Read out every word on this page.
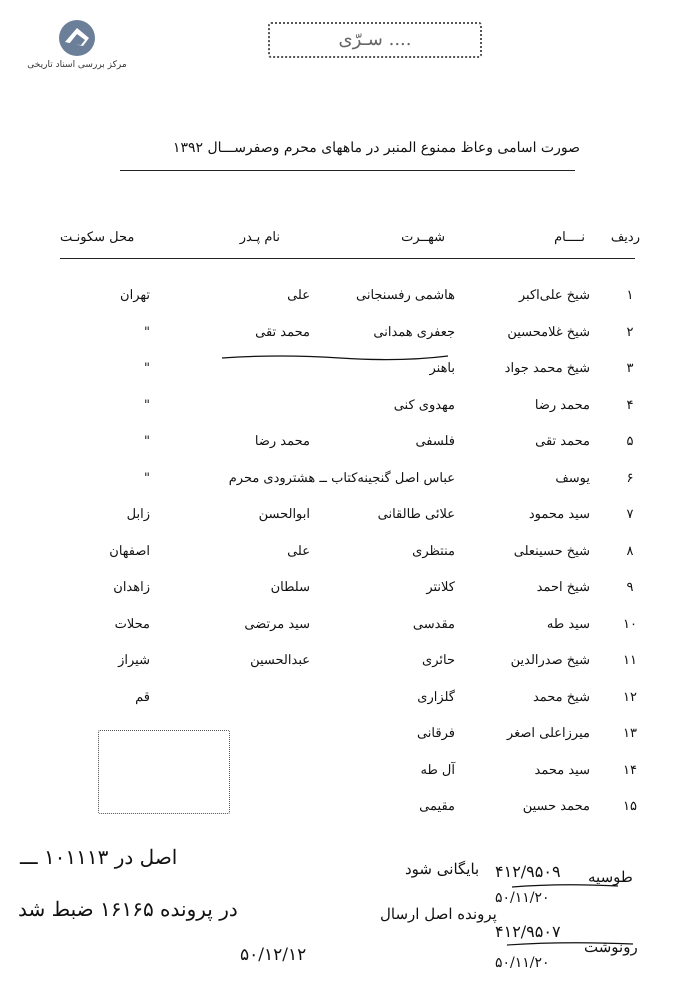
مرکز بررسی اسناد تاریخی
سـرّی ....
صورت اسامی وعاظ ممنوع المنبر در ماههای محرم وصفرســـال ۱۳۹۲
ردیف
نــــام
شهــرت
نام پـدر
محل سکونـت
۱
شیخ علی‌اکبر
هاشمی رفسنجانی
علی
تهران
۲
شیخ غلامحسین
جعفری همدانی
محمد تقی
"
۳
شیخ محمد جواد
باهنر
"
۴
محمد رضا
مهدوی کنی
"
۵
محمد تقی
فلسفی
محمد رضا
"
۶
یوسف
عباس اصل گنجینه‌کتاب ــ هشترودی محرم
"
۷
سید محمود
علائی طالقانی
ابوالحسن
زابل
۸
شیخ حسینعلی
منتظری
علی
اصفهان
۹
شیخ احمد
کلانتر
سلطان
زاهدان
۱۰
سید طه
مقدسی
سید مرتضی
محلات
۱۱
شیخ صدرالدین
حائری
عبدالحسین
شیراز
۱۲
شیخ محمد
گلزاری
قم
۱۳
میرزاعلی اصغر
فرقانی
۱۴
سید محمد
آل طه
۱۵
محمد حسین
مقیمی
اصل در ۱۰۱۱۱۳ ـــ
در پرونده ۱۶۱۶۵ ضبط شد
۵۰/۱۲/۱۲
بایگانی شود
پرونده اصل ارسال
۴۱۲/۹۵۰۹
۵۰/۱۱/۲۰
۴۱۲/۹۵۰۷
۵۰/۱۱/۲۰
طوسیه
رونوشت
